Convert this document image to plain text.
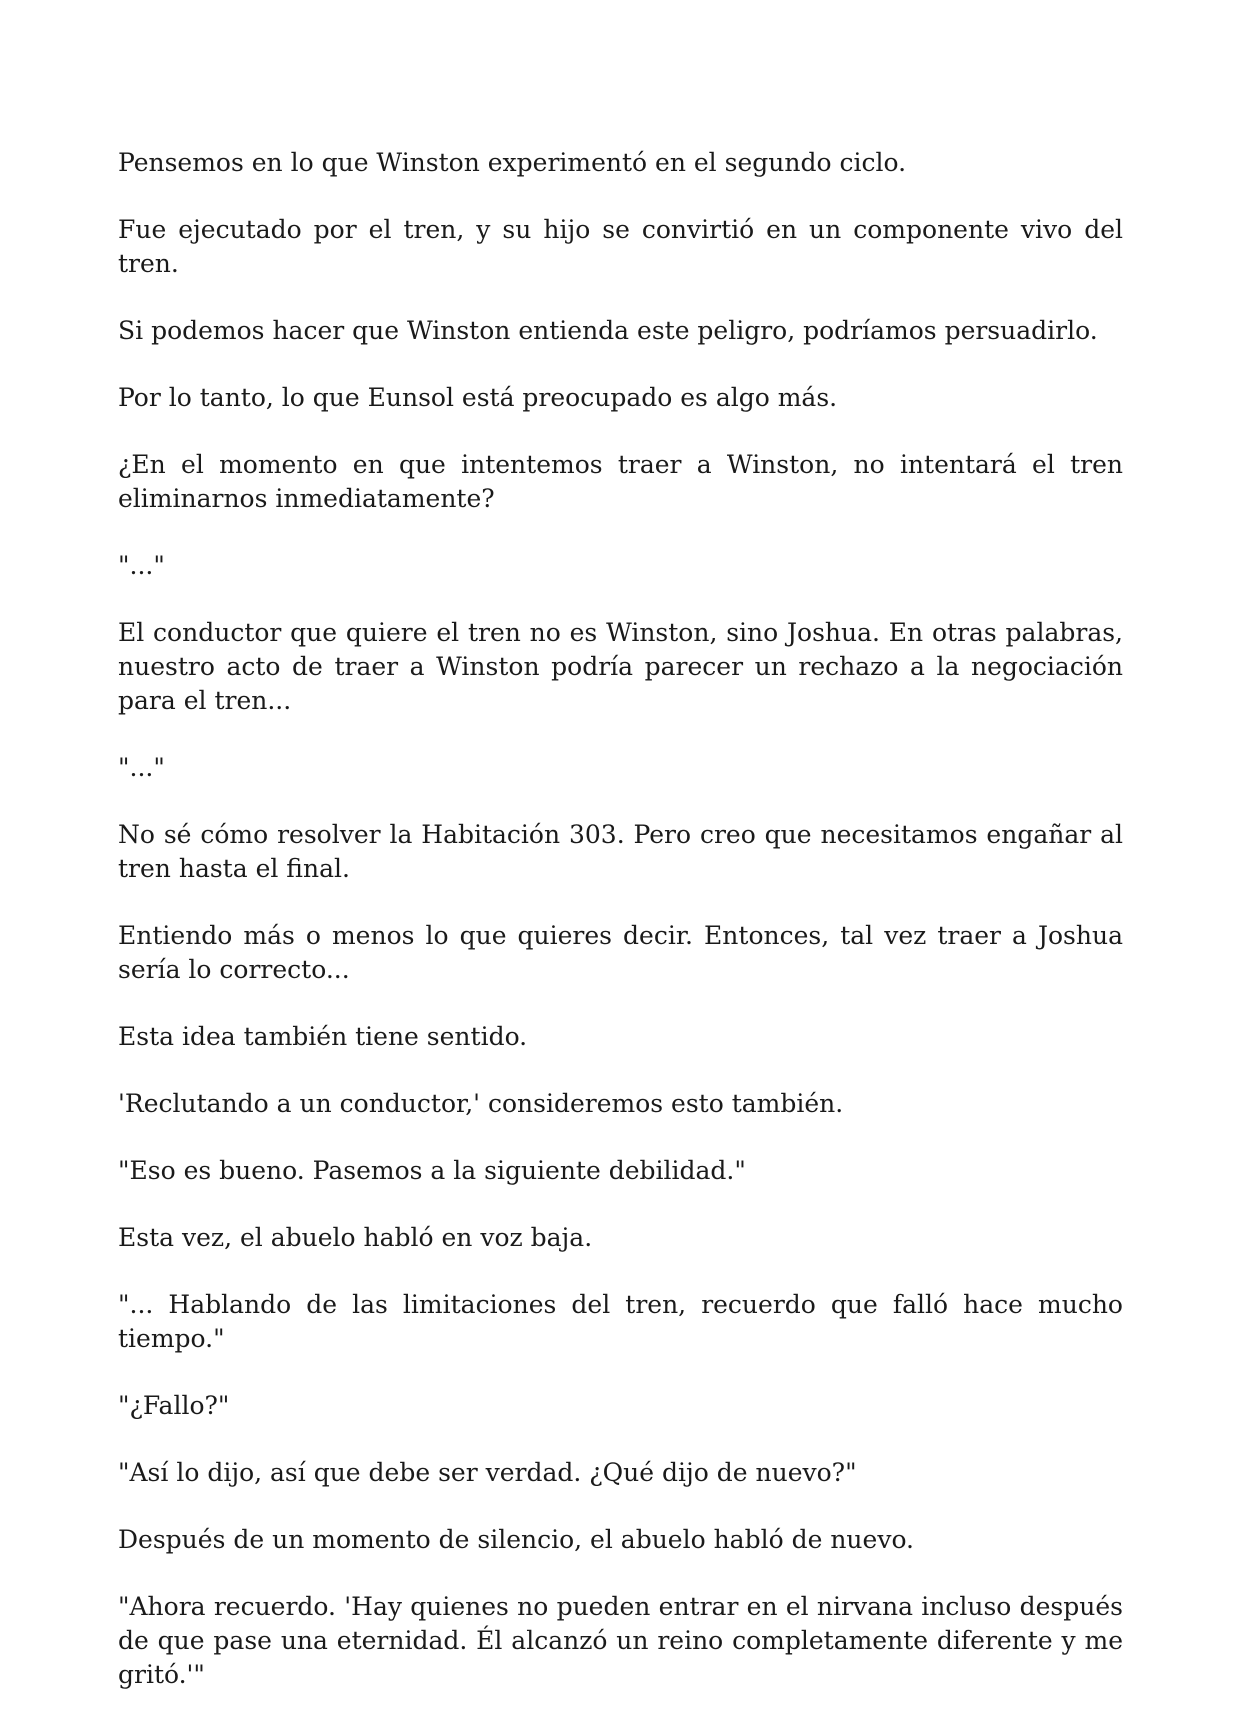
Pensemos en lo que Winston experimentó en el segundo ciclo.

Fue ejecutado por el tren, y su hijo se convirtió en un componente vivo del tren.

Si podemos hacer que Winston entienda este peligro, podríamos persuadirlo.

Por lo tanto, lo que Eunsol está preocupado es algo más.

¿En el momento en que intentemos traer a Winston, no intentará el tren eliminarnos inmediatamente?

"..."

El conductor que quiere el tren no es Winston, sino Joshua. En otras palabras, nuestro acto de traer a Winston podría parecer un rechazo a la negociación para el tren...

"..."

No sé cómo resolver la Habitación 303. Pero creo que necesitamos engañar al tren hasta el final.

Entiendo más o menos lo que quieres decir. Entonces, tal vez traer a Joshua sería lo correcto...

Esta idea también tiene sentido.

'Reclutando a un conductor,' consideremos esto también.

"Eso es bueno. Pasemos a la siguiente debilidad."

Esta vez, el abuelo habló en voz baja.

"... Hablando de las limitaciones del tren, recuerdo que falló hace mucho tiempo."

"¿Fallo?"

"Así lo dijo, así que debe ser verdad. ¿Qué dijo de nuevo?"

Después de un momento de silencio, el abuelo habló de nuevo.

"Ahora recuerdo. 'Hay quienes no pueden entrar en el nirvana incluso después de que pase una eternidad. Él alcanzó un reino completamente diferente y me gritó.'"
